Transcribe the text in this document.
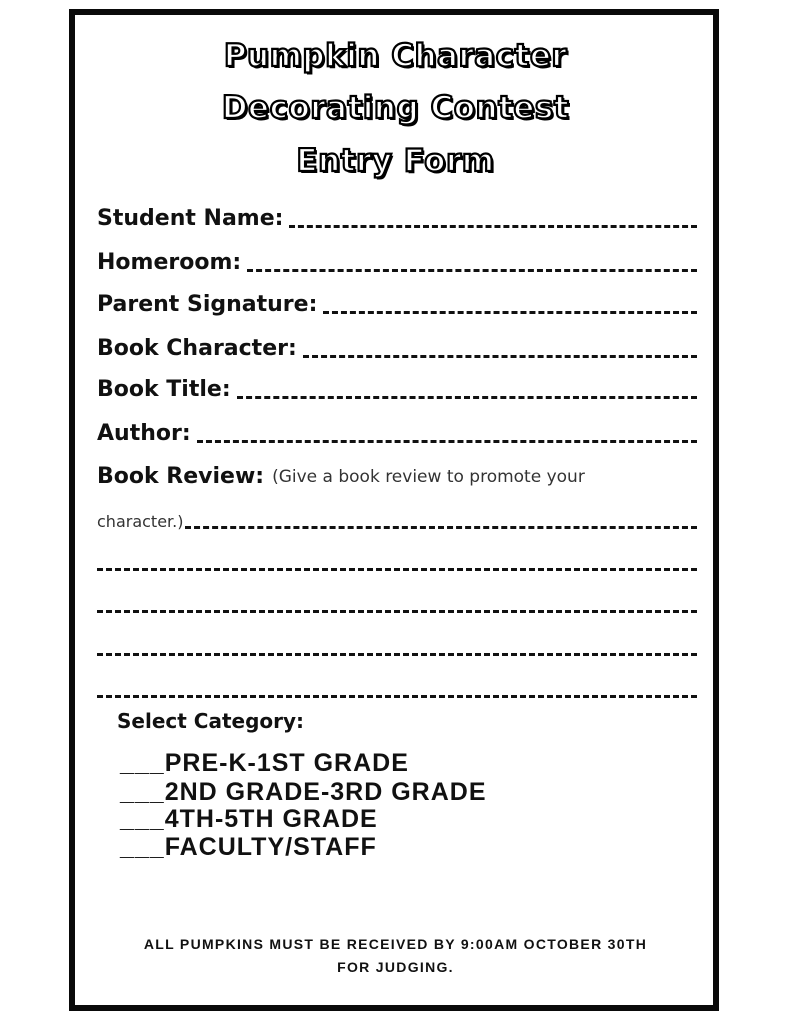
Pumpkin Character
Decorating Contest
Entry Form
Student Name:
Homeroom:
Parent Signature:
Book Character:
Book Title:
Author:
Book Review: (Give a book review to promote your
character.)
Select Category:
___PRE-K-1ST GRADE
___2ND GRADE-3RD GRADE
___4TH-5TH GRADE
___FACULTY/STAFF
ALL PUMPKINS MUST BE RECEIVED BY 9:00AM OCTOBER 30TH
FOR JUDGING.
